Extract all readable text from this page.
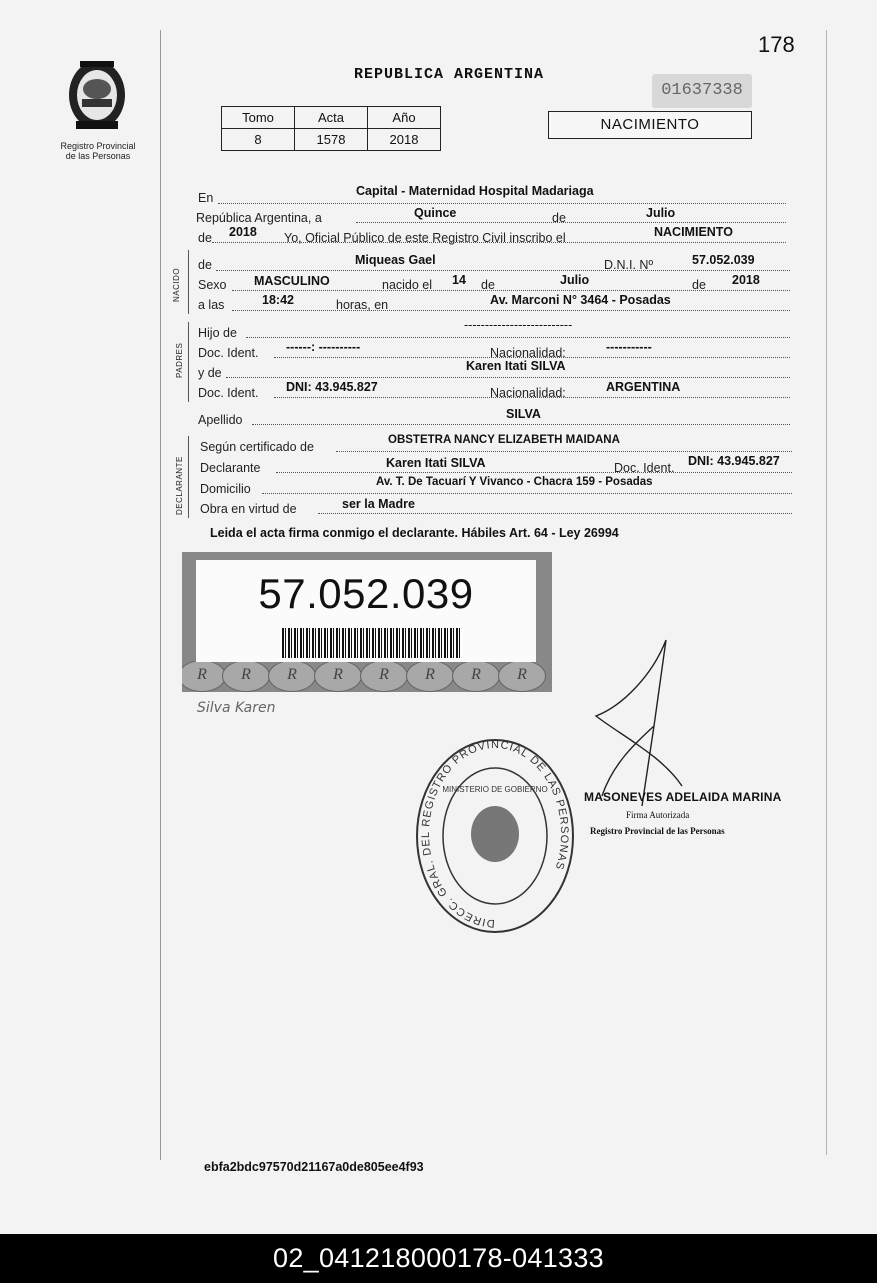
Registro Provincial
de las Personas
178
REPUBLICA ARGENTINA
01637338
Tomo	Acta	Año
8	1578	2018
NACIMIENTO
En	Capital - Maternidad Hospital Madariaga
República Argentina, a	Quince	de	Julio
de 2018 Yo, Oficial Público de este Registro Civil inscribo el	NACIMIENTO
NACIDO
de	Miqueas Gael	D.N.I. Nº	57.052.039
Sexo MASCULINO	nacido el 14 de	Julio	de 2018
a las	18:42	horas, en	Av. Marconi N° 3464 - Posadas
PADRES
Hijo de
--------------------------
Doc. Ident. ------: ----------	Nacionalidad:	-----------
y de	Karen Itati SILVA
Doc. Ident. DNI: 43.945.827	Nacionalidad:	ARGENTINA
Apellido	SILVA
DECLARANTE
Según certificado de	OBSTETRA NANCY ELIZABETH MAIDANA
Declarante	Karen Itati SILVA	Doc. Ident. DNI: 43.945.827
Domicilio	Av. T. De Tacuarí Y Vivanco - Chacra 159 - Posadas
Obra en virtud de	ser la Madre
Leida el acta firma conmigo el declarante. Hábiles Art. 64 - Ley 26994
R	R	R	R	R	R	R	R
57.052.039
Silva Karen
DIRECC. GRAL. DEL REGISTRO PROVINCIAL DE LAS PERSONAS
MINISTERIO DE GOBIERNO
MASONEVES ADELAIDA MARINA
Firma Autorizada
Registro Provincial de las Personas
ebfa2bdc97570d21167a0de805ee4f93
02_041218000178-041333
